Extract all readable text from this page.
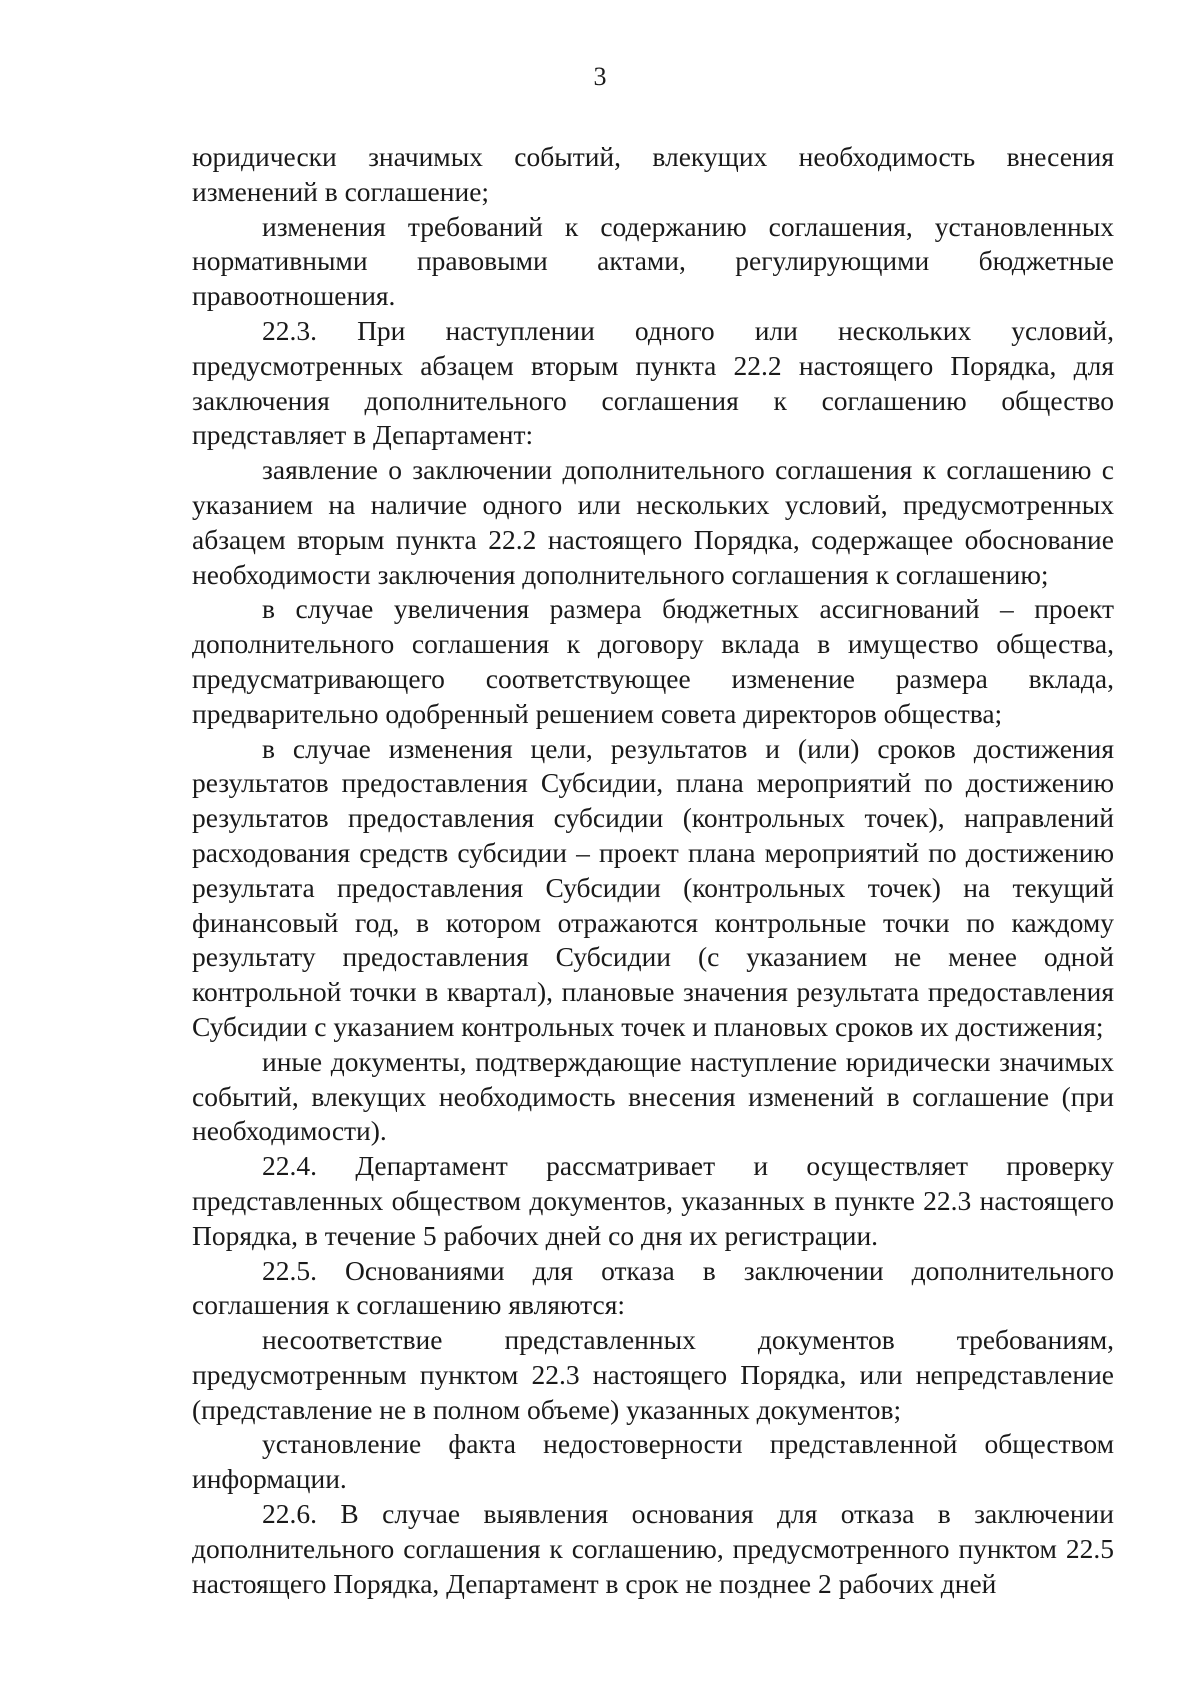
3

юридически значимых событий, влекущих необходимость внесения изменений в соглашение;

изменения требований к содержанию соглашения, установленных нормативными правовыми актами, регулирующими бюджетные правоотношения.

22.3. При наступлении одного или нескольких условий, предусмотренных абзацем вторым пункта 22.2 настоящего Порядка, для заключения дополнительного соглашения к соглашению общество представляет в Департамент:

заявление о заключении дополнительного соглашения к соглашению с указанием на наличие одного или нескольких условий, предусмотренных абзацем вторым пункта 22.2 настоящего Порядка, содержащее обоснование необходимости заключения дополнительного соглашения к соглашению;

в случае увеличения размера бюджетных ассигнований – проект дополнительного соглашения к договору вклада в имущество общества, предусматривающего соответствующее изменение размера вклада, предварительно одобренный решением совета директоров общества;

в случае изменения цели, результатов и (или) сроков достижения результатов предоставления Субсидии, плана мероприятий по достижению результатов предоставления субсидии (контрольных точек), направлений расходования средств субсидии – проект плана мероприятий по достижению результата предоставления Субсидии (контрольных точек) на текущий финансовый год, в котором отражаются контрольные точки по каждому результату предоставления Субсидии (с указанием не менее одной контрольной точки в квартал), плановые значения результата предоставления Субсидии с указанием контрольных точек и плановых сроков их достижения;

иные документы, подтверждающие наступление юридически значимых событий, влекущих необходимость внесения изменений в соглашение (при необходимости).

22.4. Департамент рассматривает и осуществляет проверку представленных обществом документов, указанных в пункте 22.3 настоящего Порядка, в течение 5 рабочих дней со дня их регистрации.

22.5. Основаниями для отказа в заключении дополнительного соглашения к соглашению являются:

несоответствие представленных документов требованиям, предусмотренным пунктом 22.3 настоящего Порядка, или непредставление (представление не в полном объеме) указанных документов;

установление факта недостоверности представленной обществом информации.

22.6. В случае выявления основания для отказа в заключении дополнительного соглашения к соглашению, предусмотренного пунктом 22.5 настоящего Порядка, Департамент в срок не позднее 2 рабочих дней
